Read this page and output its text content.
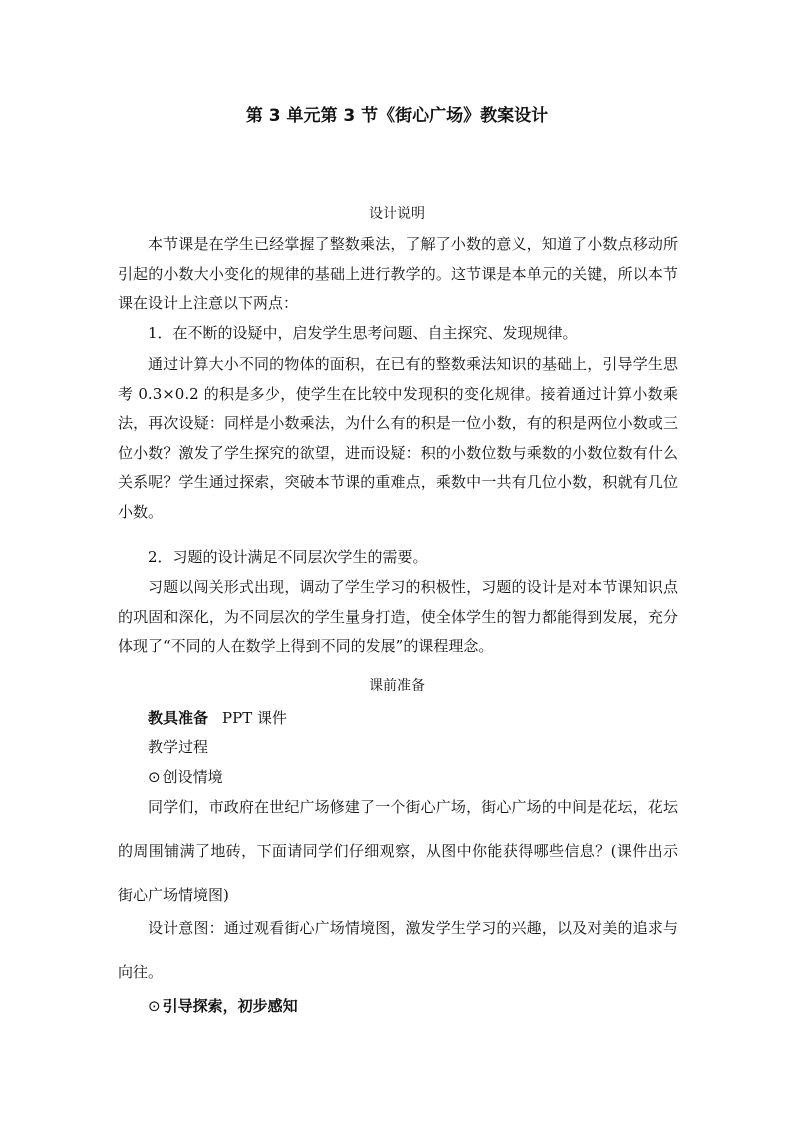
第 3 单元第 3 节《街心广场》教案设计
设计说明

本节课是在学生已经掌握了整数乘法，了解了小数的意义，知道了小数点移动所引起的小数大小变化的规律的基础上进行教学的。这节课是本单元的关键，所以本节课在设计上注意以下两点：

1．在不断的设疑中，启发学生思考问题、自主探究、发现规律。

通过计算大小不同的物体的面积，在已有的整数乘法知识的基础上，引导学生思考 0.3×0.2 的积是多少，使学生在比较中发现积的变化规律。接着通过计算小数乘法，再次设疑：同样是小数乘法，为什么有的积是一位小数，有的积是两位小数或三位小数？激发了学生探究的欲望，进而设疑：积的小数位数与乘数的小数位数有什么关系呢？学生通过探索，突破本节课的重难点，乘数中一共有几位小数，积就有几位小数。

2．习题的设计满足不同层次学生的需要。

习题以闯关形式出现，调动了学生学习的积极性，习题的设计是对本节课知识点的巩固和深化，为不同层次的学生量身打造，使全体学生的智力都能得到发展，充分体现了“不同的人在数学上得到不同的发展”的课程理念。

课前准备
教具准备 PPT 课件
教学过程
⊙ 创设情境

同学们，市政府在世纪广场修建了一个街心广场，街心广场的中间是花坛，花坛的周围铺满了地砖，下面请同学们仔细观察，从图中你能获得哪些信息？(课件出示街心广场情境图)

设计意图：通过观看街心广场情境图，激发学生学习的兴趣，以及对美的追求与向往。

⊙ 引导探索，初步感知
